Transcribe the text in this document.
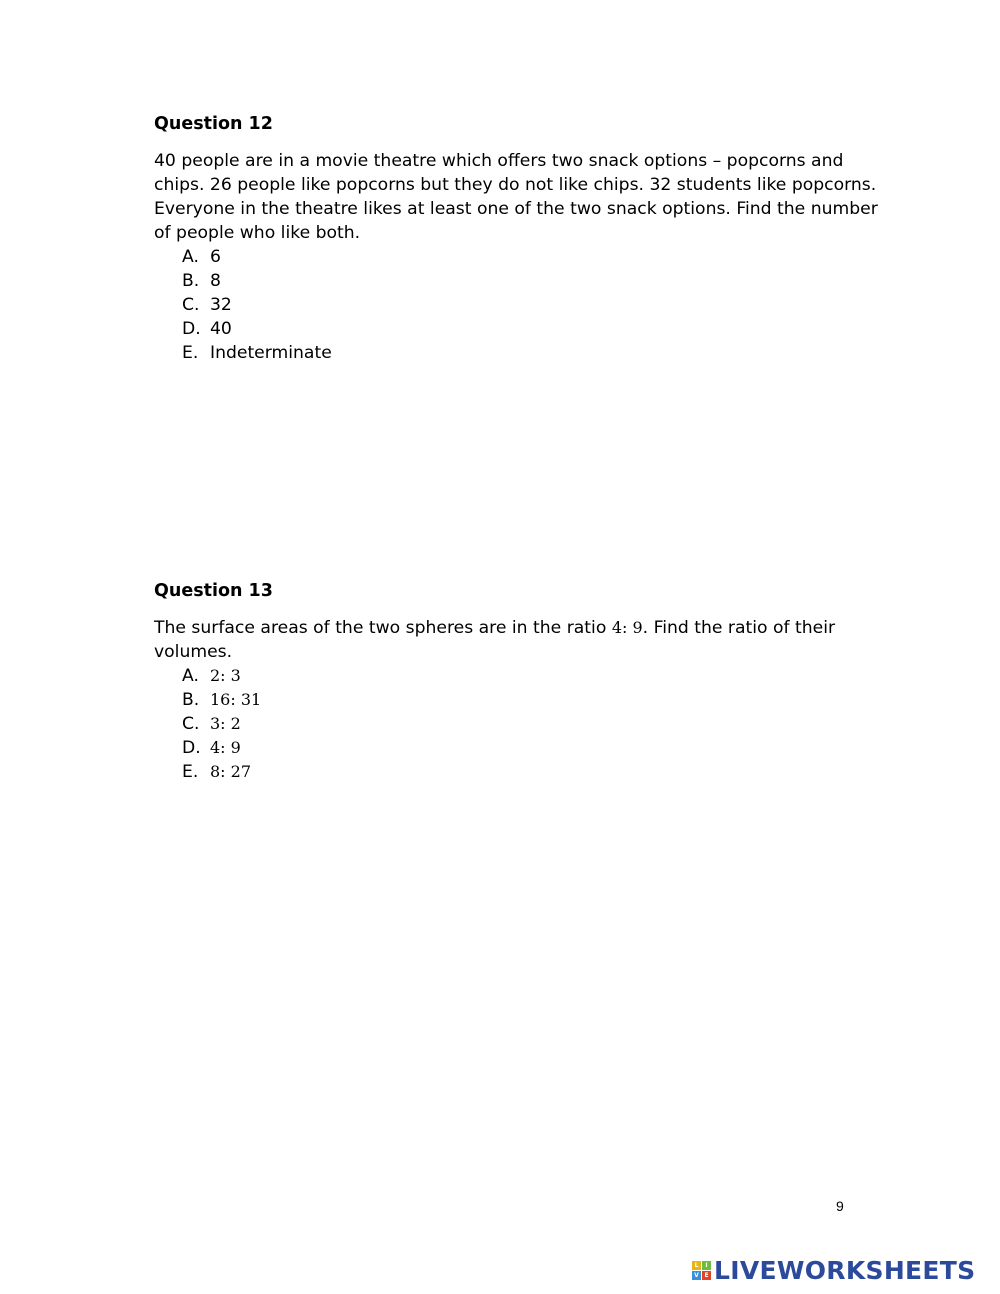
Question 12
40 people are in a movie theatre which offers two snack options – popcorns and
chips. 26 people like popcorns but they do not like chips. 32 students like popcorns.
Everyone in the theatre likes at least one of the two snack options. Find the number
of people who like both.
A. 6
B. 8
C. 32
D. 40
E. Indeterminate
Question 13
The surface areas of the two spheres are in the ratio 4: 9. Find the ratio of their
volumes.
A. 2: 3
B. 16: 31
C. 3: 2
D. 4: 9
E. 8: 27
9
L	I
V E LIVEWORKSHEETS
